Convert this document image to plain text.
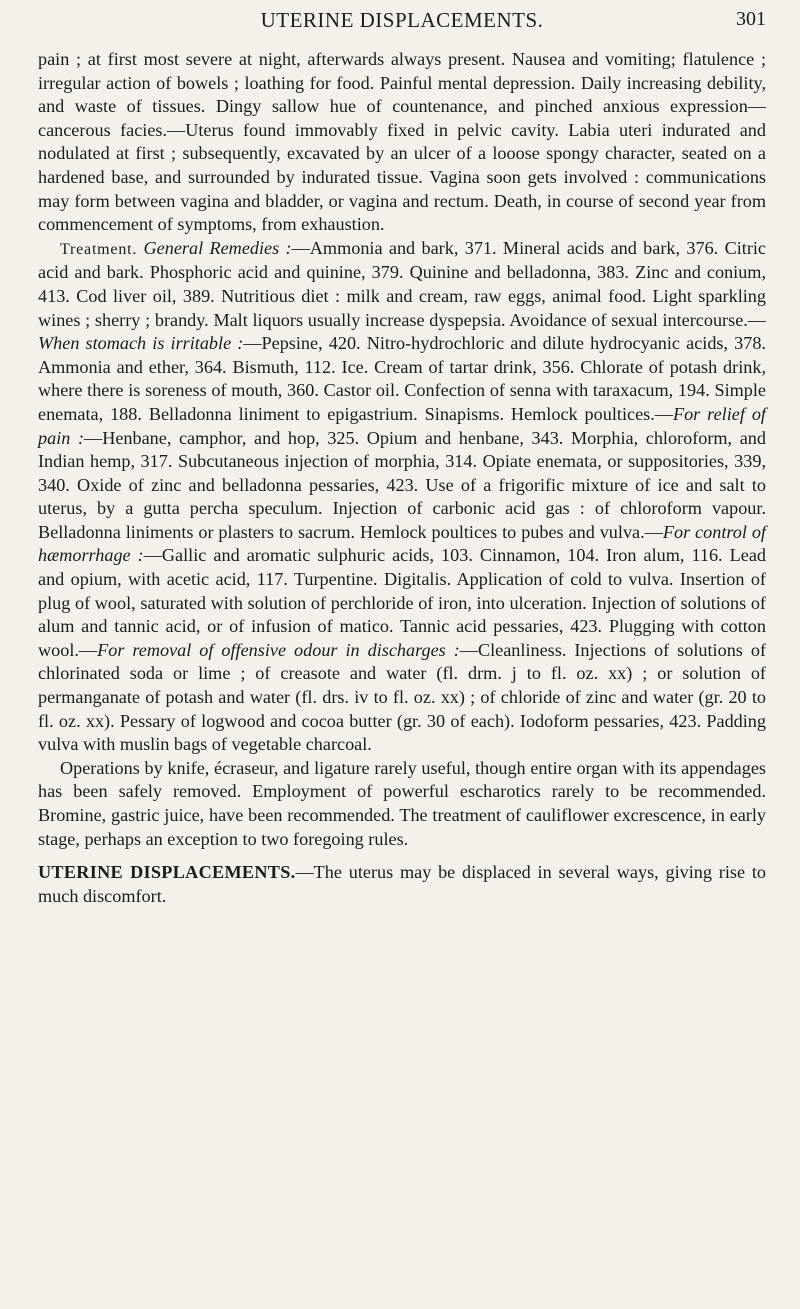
UTERINE DISPLACEMENTS.	301

pain ; at first most severe at night, afterwards always present. Nausea and vomiting; flatulence ; irregular action of bowels ; loathing for food. Painful mental depression. Daily increasing debility, and waste of tissues. Dingy sallow hue of countenance, and pinched anxious expression—cancerous facies.—Uterus found immovably fixed in pelvic cavity. Labia uteri indurated and nodulated at first ; subsequently, excavated by an ulcer of a looose spongy character, seated on a hardened base, and surrounded by indurated tissue. Vagina soon gets involved : communications may form between vagina and bladder, or vagina and rectum. Death, in course of second year from commencement of symptoms, from exhaustion.

Treatment. General Remedies :—Ammonia and bark, 371. Mineral acids and bark, 376. Citric acid and bark. Phosphoric acid and quinine, 379. Quinine and belladonna, 383. Zinc and conium, 413. Cod liver oil, 389. Nutritious diet : milk and cream, raw eggs, animal food. Light sparkling wines ; sherry ; brandy. Malt liquors usually increase dyspepsia. Avoidance of sexual intercourse.— When stomach is irritable :—Pepsine, 420. Nitro-hydrochloric and dilute hydrocyanic acids, 378. Ammonia and ether, 364. Bismuth, 112. Ice. Cream of tartar drink, 356. Chlorate of potash drink, where there is soreness of mouth, 360. Castor oil. Confection of senna with taraxacum, 194. Simple enemata, 188. Belladonna liniment to epigastrium. Sinapisms. Hemlock poultices.—For relief of pain :—Henbane, camphor, and hop, 325. Opium and henbane, 343. Morphia, chloroform, and Indian hemp, 317. Subcutaneous injection of morphia, 314. Opiate enemata, or suppositories, 339, 340. Oxide of zinc and belladonna pessaries, 423. Use of a frigorific mixture of ice and salt to uterus, by a gutta percha speculum. Injection of carbonic acid gas : of chloroform vapour. Belladonna liniments or plasters to sacrum. Hemlock poultices to pubes and vulva.—For control of hæmorrhage :—Gallic and aromatic sulphuric acids, 103. Cinnamon, 104. Iron alum, 116. Lead and opium, with acetic acid, 117. Turpentine. Digitalis. Application of cold to vulva. Insertion of plug of wool, saturated with solution of perchloride of iron, into ulceration. Injection of solutions of alum and tannic acid, or of infusion of matico. Tannic acid pessaries, 423. Plugging with cotton wool.—For removal of offensive odour in discharges :—Cleanliness. Injections of solutions of chlorinated soda or lime ; of creasote and water (fl. drm. j to fl. oz. xx) ; or solution of permanganate of potash and water (fl. drs. iv to fl. oz. xx) ; of chloride of zinc and water (gr. 20 to fl. oz. xx). Pessary of logwood and cocoa butter (gr. 30 of each). Iodoform pessaries, 423. Padding vulva with muslin bags of vegetable charcoal.

Operations by knife, écraseur, and ligature rarely useful, though entire organ with its appendages has been safely removed. Employment of powerful escharotics rarely to be recommended. Bromine, gastric juice, have been recommended. The treatment of cauliflower excrescence, in early stage, perhaps an exception to two foregoing rules.

UTERINE DISPLACEMENTS.—The uterus may be displaced in several ways, giving rise to much discomfort.
